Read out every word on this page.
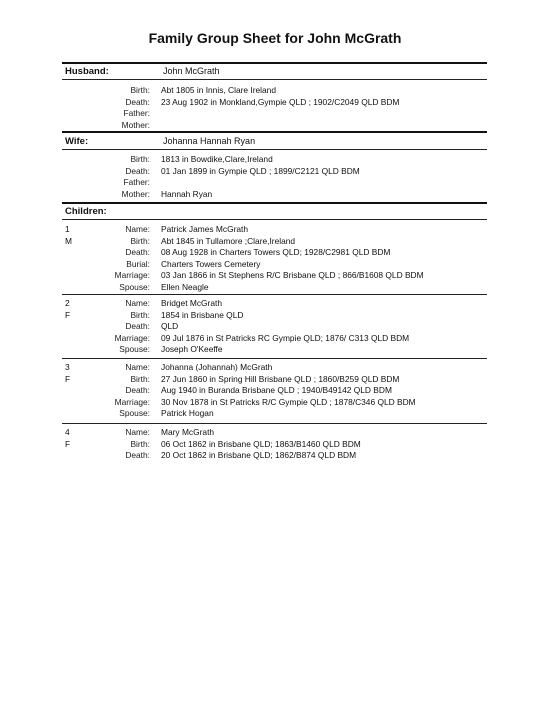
Family Group Sheet for John McGrath
Husband:	John McGrath
Birth: Abt 1805 in Innis, Clare Ireland
Death: 23 Aug 1902 in Monkland,Gympie QLD ; 1902/C2049 QLD BDM
Father:
Mother:
Wife:	Johanna Hannah Ryan
Birth: 1813 in Bowdike,Clare,Ireland
Death: 01 Jan 1899 in Gympie QLD ; 1899/C2121 QLD BDM
Father:
Mother: Hannah Ryan
Children:
1
M
Name: Patrick James McGrath
Birth: Abt 1845 in Tullamore ;Clare,Ireland
Death: 08 Aug 1928 in Charters Towers QLD; 1928/C2981 QLD BDM
Burial: Charters Towers Cemetery
Marriage: 03 Jan 1866 in St Stephens R/C Brisbane QLD ; 866/B1608 QLD BDM
Spouse: Ellen Neagle
2
F
Name: Bridget McGrath
Birth: 1854 in Brisbane QLD
Death: QLD
Marriage: 09 Jul 1876 in St Patricks RC Gympie QLD; 1876/ C313 QLD BDM
Spouse: Joseph O'Keeffe
3
F
Name: Johanna (Johannah) McGrath
Birth: 27 Jun 1860 in Spring Hill Brisbane QLD ; 1860/B259 QLD BDM
Death: Aug 1940 in Buranda Brisbane QLD ; 1940/B49142 QLD BDM
Marriage: 30 Nov 1878 in St Patricks R/C Gympie QLD ; 1878/C346 QLD BDM
Spouse: Patrick Hogan
4
F
Name: Mary McGrath
Birth: 06 Oct 1862 in Brisbane QLD; 1863/B1460 QLD BDM
Death: 20 Oct 1862 in Brisbane QLD; 1862/B874 QLD BDM
